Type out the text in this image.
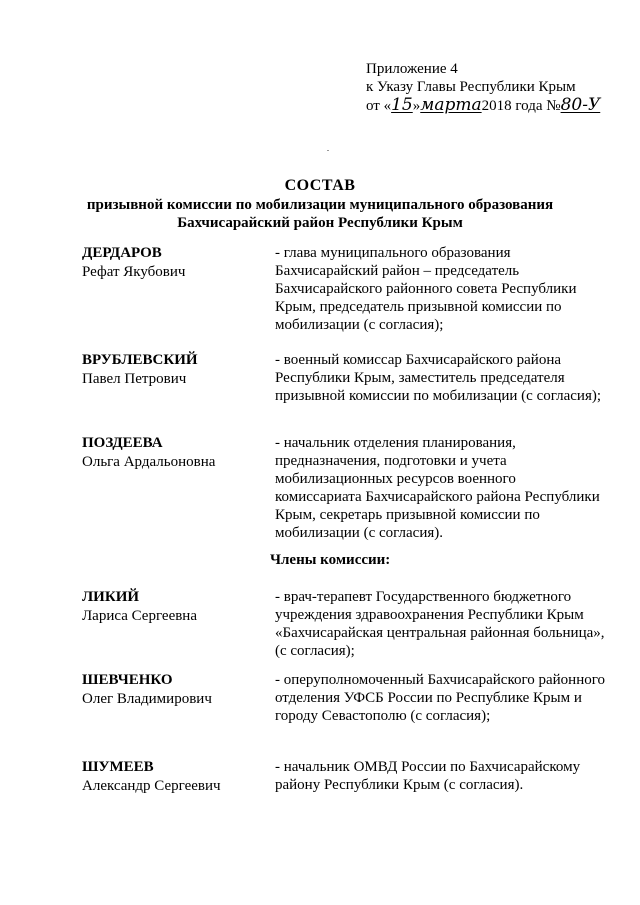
Приложение 4
к Указу Главы Республики Крым
от «15»марта2018 года №80-У
СОСТАВ
призывной комиссии по мобилизации муниципального образования
Бахчисарайский район Республики Крым
ДЕРДАРОВ
Рефат Якубович
- глава муниципального образования Бахчисарайский район – председатель Бахчисарайского районного совета Республики Крым, председатель призывной комиссии по мобилизации (с согласия);
ВРУБЛЕВСКИЙ
Павел Петрович
- военный комиссар Бахчисарайского района Республики Крым, заместитель председателя призывной комиссии по мобилизации (с согласия);
ПОЗДЕЕВА
Ольга Ардальоновна
- начальник отделения планирования, предназначения, подготовки и учета мобилизационных ресурсов военного комиссариата Бахчисарайского района Республики Крым, секретарь призывной комиссии по мобилизации (с согласия).
Члены комиссии:
ЛИКИЙ
Лариса Сергеевна
- врач-терапевт Государственного бюджетного учреждения здравоохранения Республики Крым «Бахчисарайская центральная районная больница», (с согласия);
ШЕВЧЕНКО
Олег Владимирович
- оперуполномоченный Бахчисарайского районного отделения УФСБ России по Республике Крым и городу Севастополю (с согласия);
ШУМЕЕВ
Александр Сергеевич
- начальник ОМВД России по Бахчисарайскому району Республики Крым (с согласия).
